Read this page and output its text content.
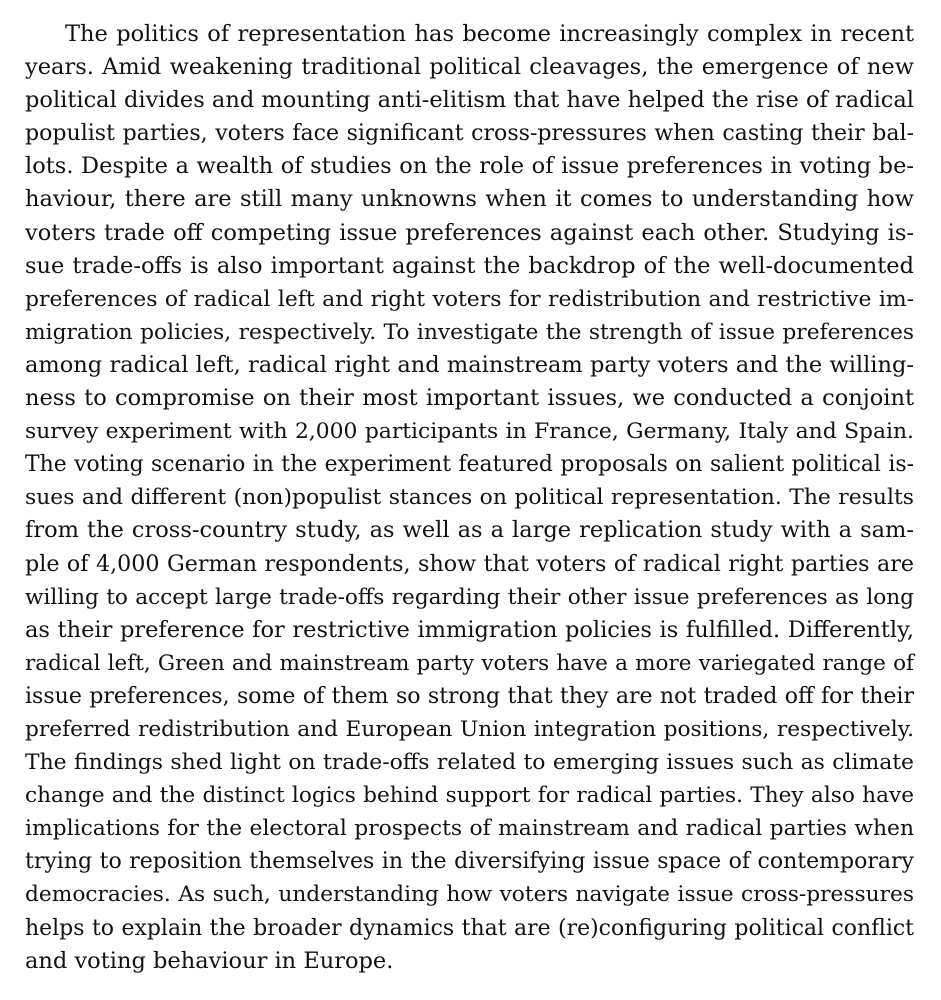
The politics of representation has become increasingly complex in recent
years. Amid weakening traditional political cleavages, the emergence of new
political divides and mounting anti-elitism that have helped the rise of radical
populist parties, voters face significant cross-pressures when casting their bal-
lots. Despite a wealth of studies on the role of issue preferences in voting be-
haviour, there are still many unknowns when it comes to understanding how
voters trade off competing issue preferences against each other. Studying is-
sue trade-offs is also important against the backdrop of the well-documented
preferences of radical left and right voters for redistribution and restrictive im-
migration policies, respectively. To investigate the strength of issue preferences
among radical left, radical right and mainstream party voters and the willing-
ness to compromise on their most important issues, we conducted a conjoint
survey experiment with 2,000 participants in France, Germany, Italy and Spain.
The voting scenario in the experiment featured proposals on salient political is-
sues and different (non)populist stances on political representation. The results
from the cross-country study, as well as a large replication study with a sam-
ple of 4,000 German respondents, show that voters of radical right parties are
willing to accept large trade-offs regarding their other issue preferences as long
as their preference for restrictive immigration policies is fulfilled. Differently,
radical left, Green and mainstream party voters have a more variegated range of
issue preferences, some of them so strong that they are not traded off for their
preferred redistribution and European Union integration positions, respectively.
The findings shed light on trade-offs related to emerging issues such as climate
change and the distinct logics behind support for radical parties. They also have
implications for the electoral prospects of mainstream and radical parties when
trying to reposition themselves in the diversifying issue space of contemporary
democracies. As such, understanding how voters navigate issue cross-pressures
helps to explain the broader dynamics that are (re)configuring political conflict
and voting behaviour in Europe.
